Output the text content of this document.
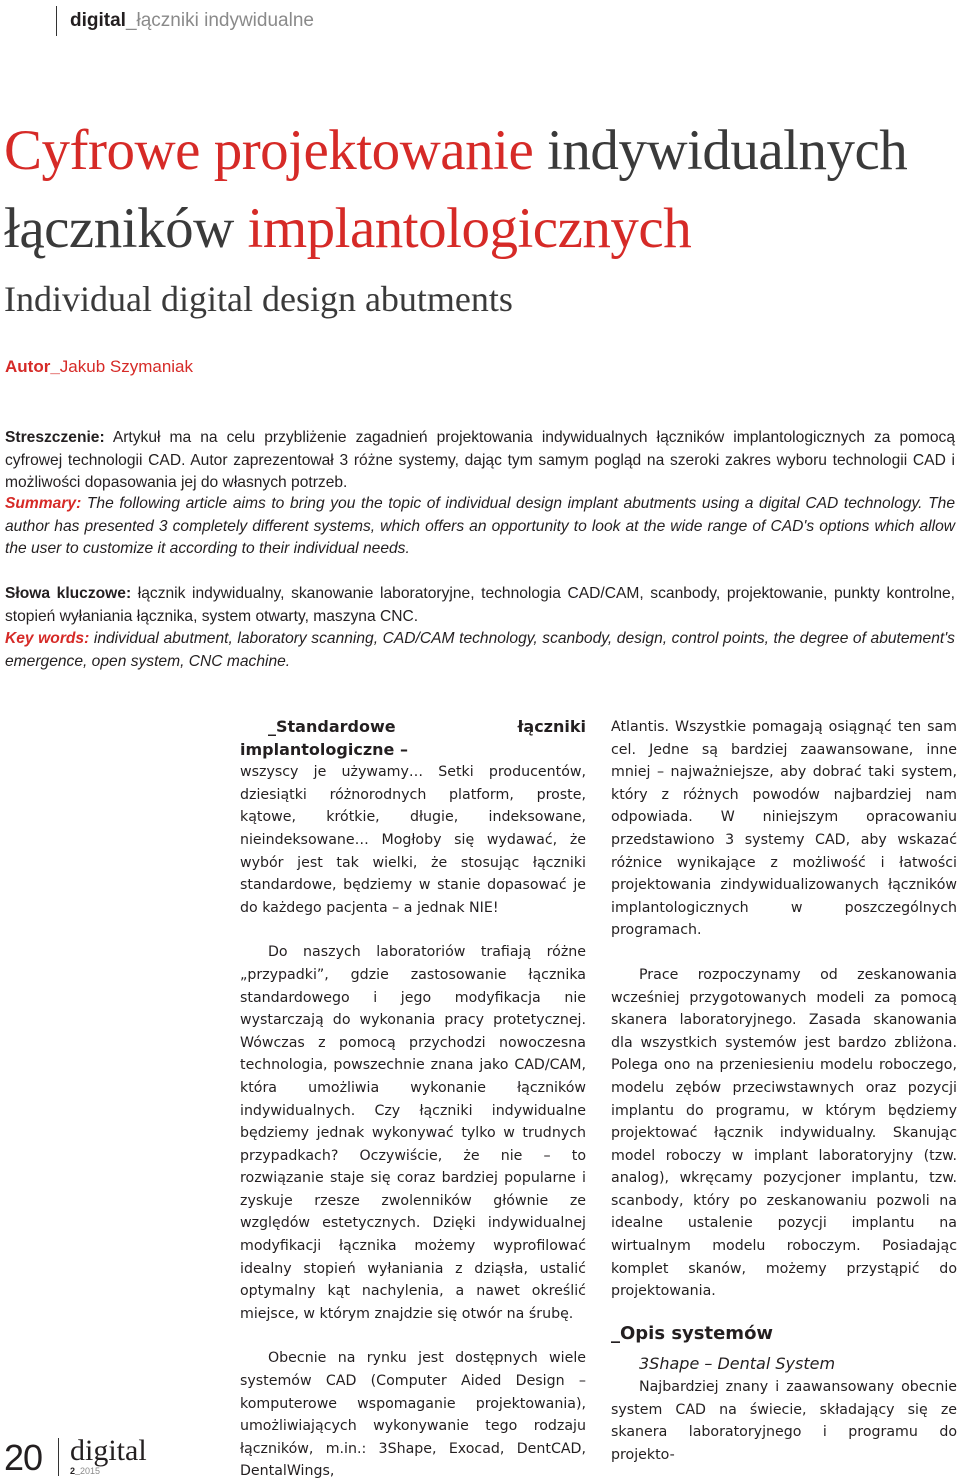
digital_łączniki indywidualne
Cyfrowe projektowanie indywidualnych
łączników implantologicznych
Individual digital design abutments
Autor_Jakub Szymaniak

Streszczenie: Artykuł ma na celu przybliżenie zagadnień projektowania indywidualnych łączników implantologicznych za pomocą cyfrowej technologii CAD. Autor zaprezentował 3 różne systemy, dając tym samym pogląd na szeroki zakres wyboru technologii CAD i możliwości dopasowania jej do własnych potrzeb.

Summary: The following article aims to bring you the topic of individual design implant abutments using a digital CAD technology. The author has presented 3 completely different systems, which offers an opportunity to look at the wide range of CAD's options which allow the user to customize it according to their individual needs.

Słowa kluczowe: łącznik indywidualny, skanowanie laboratoryjne, technologia CAD/CAM, scanbody, projektowanie, punkty kontrolne, stopień wyłaniania łącznika, system otwarty, maszyna CNC.

Key words: individual abutment, laboratory scanning, CAD/CAM technology, scanbody, design, control points, the degree of abutement's emergence, open system, CNC machine.

_Standardowe łączniki implantologiczne –

wszyscy je używamy… Setki producentów, dziesiątki różnorodnych platform, proste, kątowe, krótkie, długie, indeksowane, nieindeksowane… Mogłoby się wydawać, że wybór jest tak wielki, że stosując łączniki standardowe, będziemy w stanie dopasować je do każdego pacjenta – a jednak NIE!

Do naszych laboratoriów trafiają różne „przypadki”, gdzie zastosowanie łącznika standardowego i jego modyfikacja nie wystarczają do wykonania pracy protetycznej. Wówczas z pomocą przychodzi nowoczesna technologia, powszechnie znana jako CAD/CAM, która umożliwia wykonanie łączników indywidualnych. Czy łączniki indywidualne będziemy jednak wykonywać tylko w trudnych przypadkach? Oczywiście, że nie – to rozwiązanie staje się coraz bardziej popularne i zyskuje rzesze zwolenników głównie ze względów estetycznych. Dzięki indywidualnej modyfikacji łącznika możemy wyprofilować idealny stopień wyłaniania z dziąsła, ustalić optymalny kąt nachylenia, a nawet określić miejsce, w którym znajdzie się otwór na śrubę.

Obecnie na rynku jest dostępnych wiele systemów CAD (Computer Aided Design – komputerowe wspomaganie projektowania), umożliwiających wykonywanie tego rodzaju łączników, m.in.: 3Shape, Exocad, DentCAD, DentalWings,

Atlantis. Wszystkie pomagają osiągnąć ten sam cel. Jedne są bardziej zaawansowane, inne mniej – najważniejsze, aby dobrać taki system, który z różnych powodów najbardziej nam odpowiada. W niniejszym opracowaniu przedstawiono 3 systemy CAD, aby wskazać różnice wynikające z możliwość i łatwości projektowania zindywidualizowanych łączników implantologicznych w poszczególnych programach.

Prace rozpoczynamy od zeskanowania wcześniej przygotowanych modeli za pomocą skanera laboratoryjnego. Zasada skanowania dla wszystkich systemów jest bardzo zbliżona. Polega ono na przeniesieniu modelu roboczego, modelu zębów przeciwstawnych oraz pozycji implantu do programu, w którym będziemy projektować łącznik indywidualny. Skanując model roboczy w implant laboratoryjny (tzw. analog), wkręcamy pozycjoner implantu, tzw. scanbody, który po zeskanowaniu pozwoli na idealne ustalenie pozycji implantu na wirtualnym modelu roboczym. Posiadając komplet skanów, możemy przystąpić do projektowania.

_Opis systemów

3Shape – Dental System

Najbardziej znany i zaawansowany obecnie system CAD na świecie, składający się ze skanera laboratoryjnego i programu do projekto-

20 digital
2_2015
